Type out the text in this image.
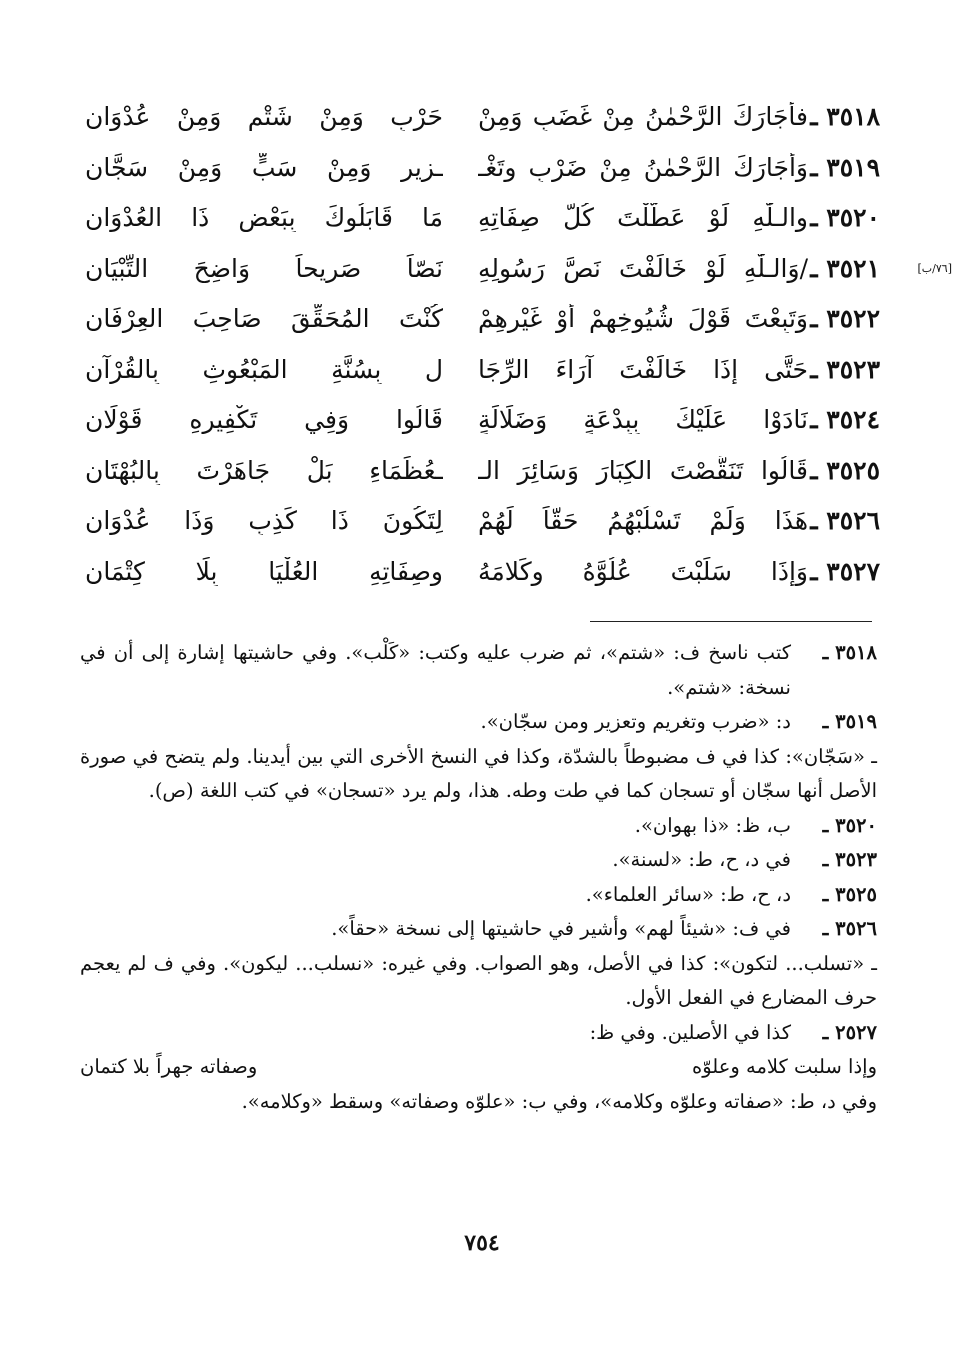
٣٥١٨ ـ
فأجَارَكَ الرَّحْمٰنُ مِنْ غَضَبٍ وَمِنْ
حَرْبٍ وَمِنْ شَتْمٍ وَمِنْ عُدْوَانِ
٣٥١٩ ـ
وَأجَارَكَ الرَّحْمٰنُ مِنْ ضَرْبٍ وتَغْـ
ـزِيرٍ وَمِنْ سَبٍّ وَمِنْ سَجَّانِ
٣٥٢٠ ـ
والـلّٰهِ لَوْ عَطَّلْتَ كُلَّ صِفَاتِهِ
مَا قَابَلُوكَ بِبَعْضِ ذَا العُدْوَانِ
[٧٦/ب]
٣٥٢١ ـ
/وَالـلّٰهِ لَوْ خَالَفْتَ نَصَّ رَسُولِهِ
نَصّاً صَرِيحاً وَاضِحَ التِّبْيَانِ
٣٥٢٢ ـ
وَتَبِعْتَ قَوْلَ شُيُوخِهِمْ أوْ غَيْرِهِمْ
كُنْتَ المُحَقِّقَ صَاحِبَ العِرْفَانِ
٣٥٢٣ ـ
حَتَّى إذَا خَالَفْتَ آرَاءَ الرِّجَا
لِ بِسُنَّةِ المَبْعُوثِ بِالقُرْآنِ
٣٥٢٤ ـ
نَادَوْا عَلَيْكَ بِبِدْعَةٍ وَضَلَالَةٍ
قَالُوا وَفِي تَكْفِيرِهِ قَوْلَانِ
٣٥٢٥ ـ
قَالُوا تَنَقَّصْتَ الكِبَارَ وَسَائِرَ الـ
ـعُظَمَاءِ بَلْ جَاهَرْتَ بِالبُهْتَانِ
٣٥٢٦ ـ
هَذَا وَلَمْ تَسْلُبْهُمُ حَقّاً لَهُمْ
لِتَكُونَ ذَا كَذِبٍ وَذَا عُدْوَانِ
٣٥٢٧ ـ
وَإذَا سَلَبْتَ عُلُوَّهُ وكَلامَهُ
وصِفَاتِهِ العُلْيَا بِلَا كِتْمَانِ
٣٥١٨ ـ
كتب ناسخ ف: «شتم»، ثم ضرب عليه وكتب: «كَلْب». وفي حاشيتها إشارة إلى أن في نسخة: «شتم».
٣٥١٩ ـ
د: «ضرب وتغريم وتعزير ومن سجّان».
ـ «سَجّان»: كذا في ف مضبوطاً بالشدّة، وكذا في النسخ الأخرى التي بين أيدينا. ولم يتضح في صورة الأصل أنها سجّان أو تسجان كما في طت وطه. هذا، ولم يرد «تسجان» في كتب اللغة (ص).
٣٥٢٠ ـ
ب، ظ: «ذا بهوان».
٣٥٢٣ ـ
في د، ح، ط: «لسنة».
٣٥٢٥ ـ
د، ح، ط: «سائر العلماء».
٣٥٢٦ ـ
في ف: «شيئاً لهم» وأشير في حاشيتها إلى نسخة «حقاً».
ـ «تسلب... لتكون»: كذا في الأصل، وهو الصواب. وفي غيره: «نسلب... ليكون». وفي ف لم يعجم حرف المضارع في الفعل الأول.
٢٥٢٧ ـ
كذا في الأصلين. وفي ظ:
وإذا سلبت كلامه وعلوّه
وصفاته جهراً بلا كتمان
وفي د، ط: «صفاته وعلوّه وكلامه»، وفي ب: «علوّه وصفاته» وسقط «وكلامه».
٧٥٤
